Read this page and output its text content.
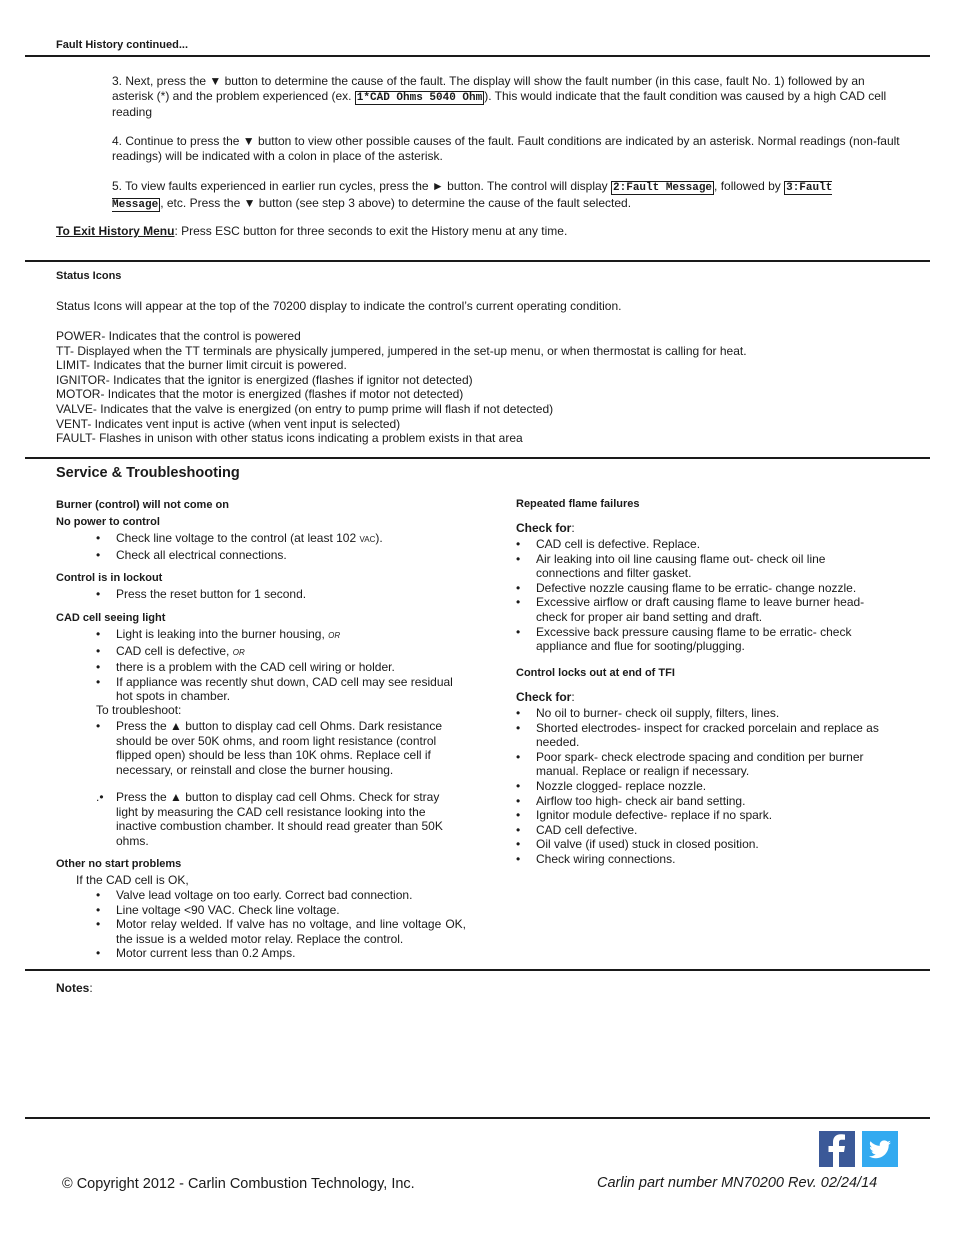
Fault History continued...
3. Next, press the ▼ button to determine the cause of the fault. The display will show the fault number (in this case, fault No. 1) followed by an asterisk (*) and the problem experienced (ex. 1*CAD Ohms 5040 Ohm ). This would indicate that the fault condition was caused by a high CAD cell reading
4. Continue to press the ▼ button to view other possible causes of the fault. Fault conditions are indicated by an asterisk. Normal readings (non-fault readings) will be indicated with a colon in place of the asterisk.
5. To view faults experienced in earlier run cycles, press the ► button. The control will display 2:Fault Message , followed by 3:Fault Message , etc. Press the ▼ button (see step 3 above) to determine the cause of the fault selected.
To Exit History Menu: Press ESC button for three seconds to exit the History menu at any time.
Status Icons
Status Icons will appear at the top of the 70200 display to indicate the control’s current operating condition.
POWER- Indicates that the control is powered
TT- Displayed when the TT terminals are physically jumpered, jumpered in the set-up menu, or when thermostat is calling for heat.
LIMIT- Indicates that the burner limit circuit is powered.
IGNITOR- Indicates that the ignitor is energized (flashes if ignitor not detected)
MOTOR- Indicates that the motor is energized (flashes if motor not detected)
VALVE- Indicates that the valve is energized (on entry to pump prime will flash if not detected)
VENT- Indicates vent input is active (when vent input is selected)
FAULT- Flashes in unison with other status icons indicating a problem exists in that area
Service & Troubleshooting
Burner (control) will not come on
No power to control
• Check line voltage to the control (at least 102 VAC).
• Check all electrical connections.
Control is in lockout
• Press the reset button for 1 second.
CAD cell seeing light
• Light is leaking into the burner housing, OR
• CAD cell is defective, OR
• there is a problem with the CAD cell wiring or holder.
• If appliance was recently shut down, CAD cell may see residual hot spots in chamber.
To troubleshoot:
• Press the ▲ button to display cad cell Ohms. Dark resistance should be over 50K ohms, and room light resistance (control flipped open) should be less than 10K ohms. Replace cell if necessary, or reinstall and close the burner housing.
.• Press the ▲ button to display cad cell Ohms. Check for stray light by measuring the CAD cell resistance looking into the inactive combustion chamber. It should read greater than 50K ohms.
Other no start problems
If the CAD cell is OK,
• Valve lead voltage on too early. Correct bad connection.
• Line voltage <90 VAC. Check line voltage.
• Motor relay welded. If valve has no voltage, and line voltage OK, the issue is a welded motor relay. Replace the control.
• Motor current less than 0.2 Amps.
Repeated flame failures
Check for:
• CAD cell is defective. Replace.
• Air leaking into oil line causing flame out- check oil line connections and filter gasket.
• Defective nozzle causing flame to be erratic- change nozzle.
• Excessive airflow or draft causing flame to leave burner head- check for proper air band setting and draft.
• Excessive back pressure causing flame to be erratic- check appliance and flue for sooting/plugging.
Control locks out at end of TFI
Check for:
• No oil to burner- check oil supply, filters, lines.
• Shorted electrodes- inspect for cracked porcelain and replace as needed.
• Poor spark- check electrode spacing and condition per burner manual. Replace or realign if necessary.
• Nozzle clogged- replace nozzle.
• Airflow too high- check air band setting.
• Ignitor module defective- replace if no spark.
• CAD cell defective.
• Oil valve (if used) stuck in closed position.
• Check wiring connections.
Notes:
© Copyright 2012 - Carlin Combustion Technology, Inc.	Carlin part number MN70200 Rev. 02/24/14
